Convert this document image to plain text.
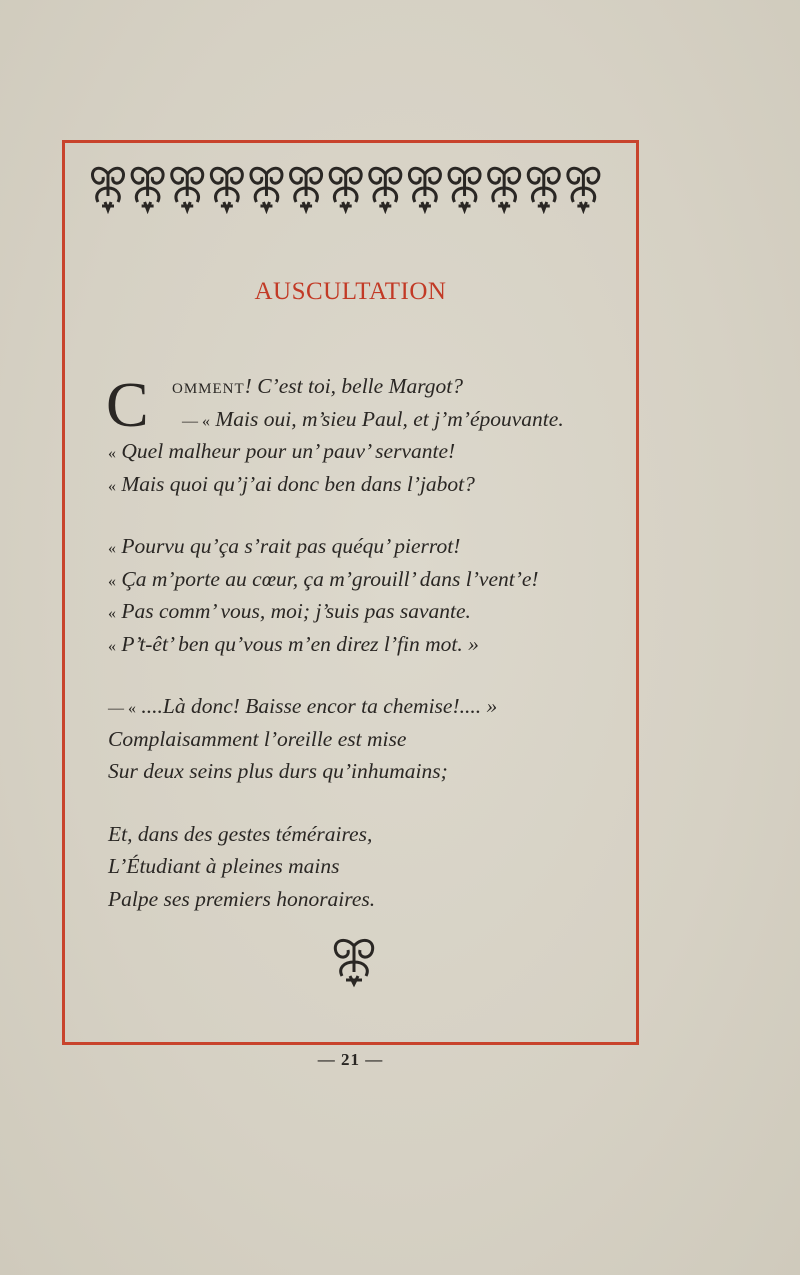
AUSCULTATION
C	omment! C’est toi, belle Margot?
— « Mais oui, m’sieu Paul, et j’m’épouvante.
« Quel malheur pour un’ pauv’ servante!
« Mais quoi qu’j’ai donc ben dans l’jabot?
« Pourvu qu’ça s’rait pas quéqu’ pierrot!
« Ça m’porte au cœur, ça m’grouill’ dans l’vent’e!
« Pas comm’ vous, moi; j’suis pas savante.
« P’t-êt’ ben qu’vous m’en direz l’fin mot. »
— « ....Là donc! Baisse encor ta chemise!.... »
Complaisamment l’oreille est mise
Sur deux seins plus durs qu’inhumains;
Et, dans des gestes téméraires,
L’Étudiant à pleines mains
Palpe ses premiers honoraires.
— 21 —
